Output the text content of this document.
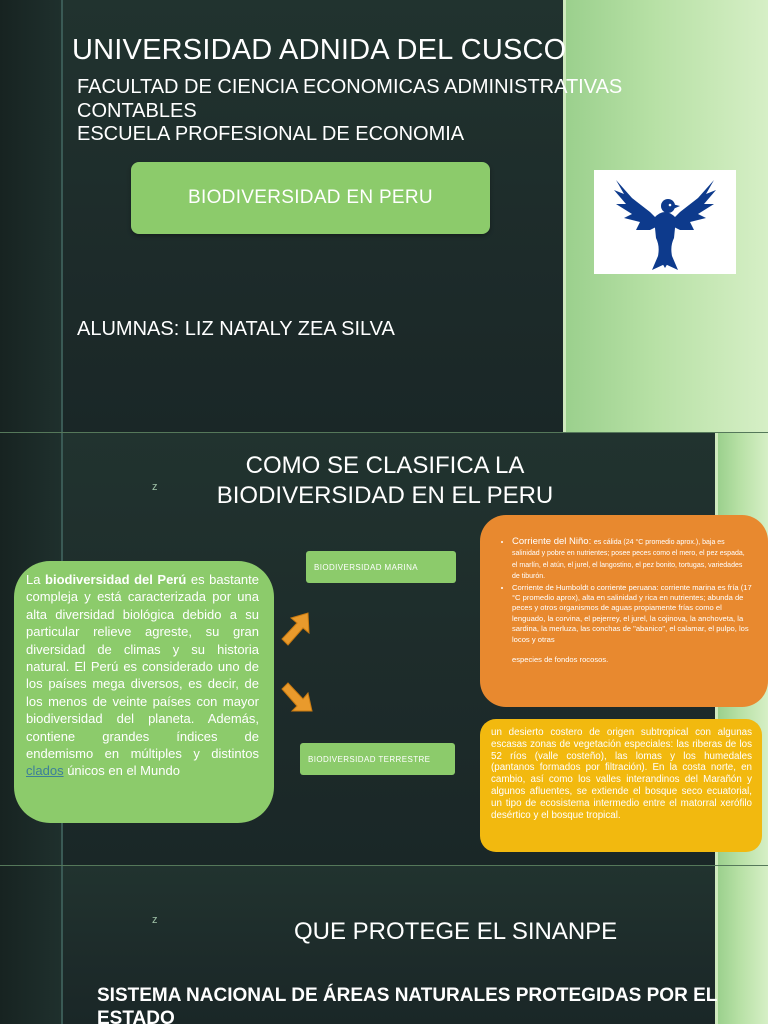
UNIVERSIDAD ADNIDA DEL CUSCO
FACULTAD DE CIENCIA ECONOMICAS ADMINISTRATIVAS
CONTABLES
ESCUELA PROFESIONAL DE ECONOMIA
BIODIVERSIDAD EN PERU
ALUMNAS: LIZ NATALY ZEA SILVA
z
COMO SE CLASIFICA LA
BIODIVERSIDAD EN EL PERU
La biodiversidad del Perú es bastante compleja y está caracterizada por una alta diversidad biológica debido a su particular relieve agreste, su gran diversidad de climas y su historia natural. El Perú es considerado uno de los países mega diversos, es decir, de los menos de veinte países con mayor biodiversidad del planeta. Además, contiene grandes índices de endemismo en múltiples y distintos clados únicos en el Mundo
BIODIVERSIDAD MARINA
BIODIVERSIDAD TERRESTRE
• Corriente del Niño: es cálida (24 °C promedio aprox.), baja es salinidad y pobre en nutrientes; posee peces como el mero, el pez espada, el marlín, el atún, el jurel, el langostino, el pez bonito, tortugas, variedades de tiburón.
• Corriente de Humboldt o corriente peruana: corriente marina es fría (17 °C promedio aprox), alta en salinidad y rica en nutrientes; abunda de peces y otros organismos de aguas propiamente frías como el lenguado, la corvina, el pejerrey, el jurel, la cojinova, la anchoveta, la sardina, la merluza, las conchas de "abanico", el calamar, el pulpo, los locos y otras
especies de fondos rocosos.
un desierto costero de origen subtropical con algunas escasas zonas de vegetación especiales: las riberas de los 52 ríos (valle costeño), las lomas y los humedales (pantanos formados por filtración). En la costa norte, en cambio, así como los valles interandinos del Marañón y algunos afluentes, se extiende el bosque seco ecuatorial, un tipo de ecosistema intermedio entre el matorral xerófilo desértico y el bosque tropical.
z	QUE PROTEGE EL SINANPE
SISTEMA NACIONAL DE ÁREAS NATURALES PROTEGIDAS POR EL ESTADO
